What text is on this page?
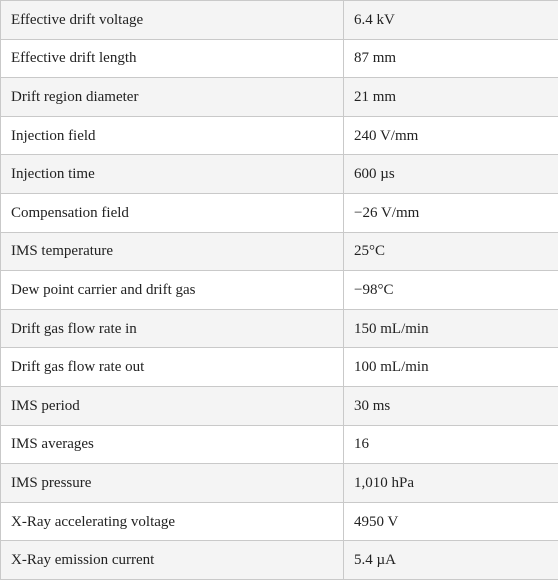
Effective drift voltage	6.4 kV
Effective drift length	87 mm
Drift region diameter	21 mm
Injection field	240 V/mm
Injection time	600 µs
Compensation field	−26 V/mm
IMS temperature	25°C
Dew point carrier and drift gas	−98°C
Drift gas flow rate in	150 mL/min
Drift gas flow rate out	100 mL/min
IMS period	30 ms
IMS averages	16
IMS pressure	1,010 hPa
X-Ray accelerating voltage	4950 V
X-Ray emission current	5.4 µA
